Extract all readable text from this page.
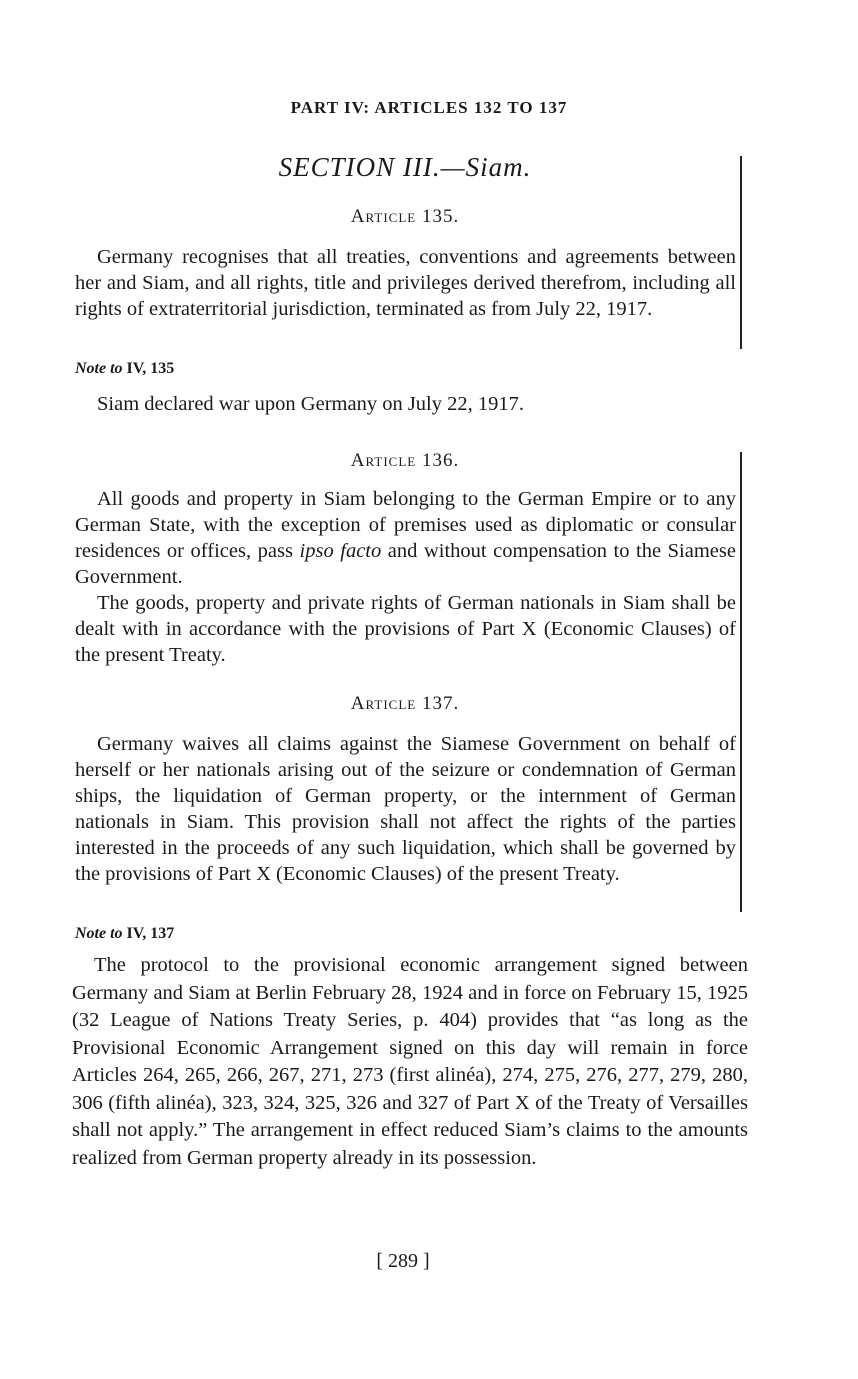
PART IV: ARTICLES 132 TO 137
SECTION III.—Siam.
Article 135.

Germany recognises that all treaties, conventions and agreements between her and Siam, and all rights, title and privileges derived therefrom, including all rights of extraterritorial jurisdiction, terminated as from July 22, 1917.

Note to IV, 135

Siam declared war upon Germany on July 22, 1917.

Article 136.

All goods and property in Siam belonging to the German Empire or to any German State, with the exception of premises used as diplomatic or consular residences or offices, pass ipso facto and without compensation to the Siamese Government.

The goods, property and private rights of German nationals in Siam shall be dealt with in accordance with the provisions of Part X (Economic Clauses) of the present Treaty.

Article 137.

Germany waives all claims against the Siamese Government on behalf of herself or her nationals arising out of the seizure or condemnation of German ships, the liquidation of German property, or the internment of German nationals in Siam. This provision shall not affect the rights of the parties interested in the proceeds of any such liquidation, which shall be governed by the provisions of Part X (Economic Clauses) of the present Treaty.

Note to IV, 137

The protocol to the provisional economic arrangement signed between Germany and Siam at Berlin February 28, 1924 and in force on February 15, 1925 (32 League of Nations Treaty Series, p. 404) provides that “as long as the Provisional Economic Arrangement signed on this day will remain in force Articles 264, 265, 266, 267, 271, 273 (first alinéa), 274, 275, 276, 277, 279, 280, 306 (fifth alinéa), 323, 324, 325, 326 and 327 of Part X of the Treaty of Versailles shall not apply.” The arrangement in effect reduced Siam’s claims to the amounts realized from German property already in its possession.

[ 289 ]
